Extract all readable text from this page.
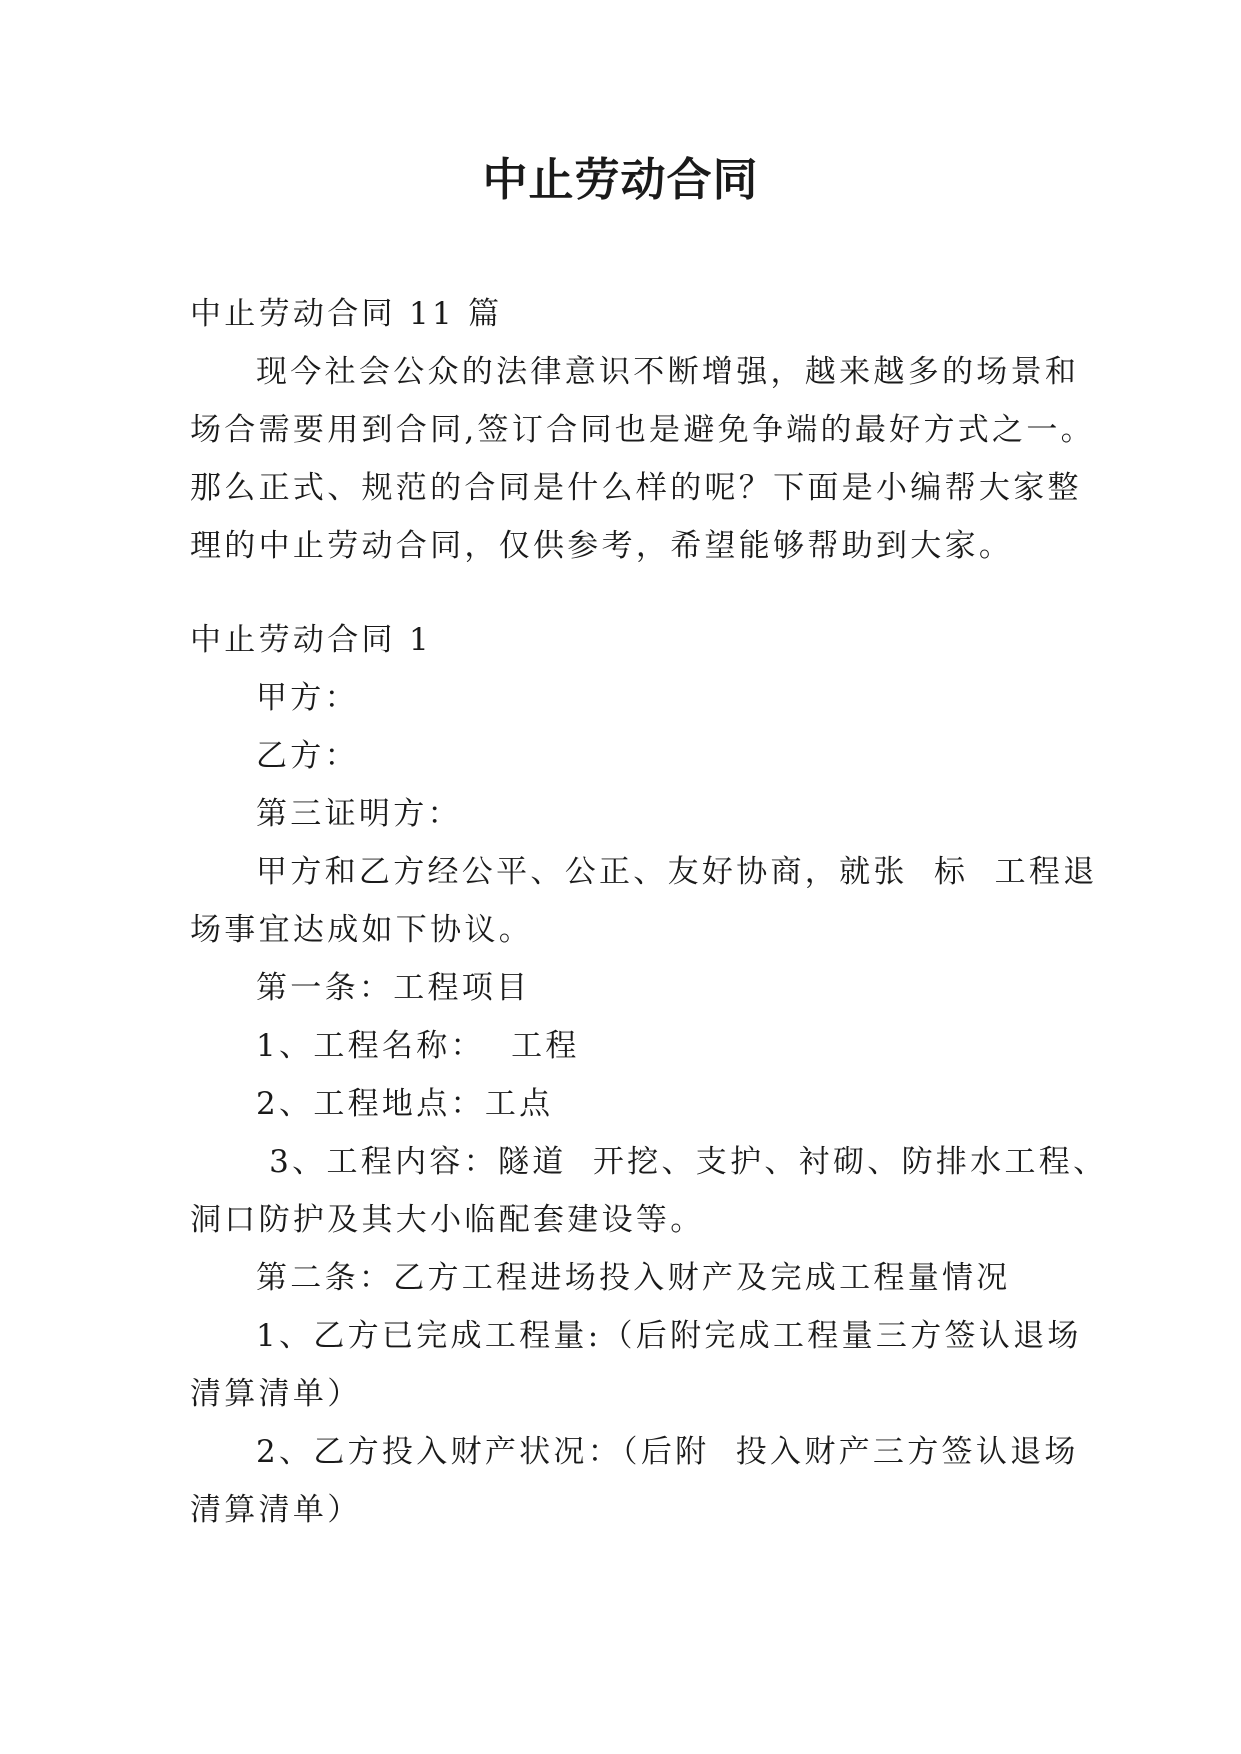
中止劳动合同
中止劳动合同 11 篇
现今社会公众的法律意识不断增强，越来越多的场景和
场合需要用到合同,签订合同也是避免争端的最好方式之一。
那么正式、规范的合同是什么样的呢？下面是小编帮大家整
理的中止劳动合同，仅供参考，希望能够帮助到大家。
中止劳动合同 1
甲方：
乙方：
第三证明方：
甲方和乙方经公平、公正、友好协商，就张  标  工程退
场事宜达成如下协议。
第一条：工程项目
1、工程名称：  工程
2、工程地点：工点
3、工程内容：隧道  开挖、支护、衬砌、防排水工程、
洞口防护及其大小临配套建设等。
第二条：乙方工程进场投入财产及完成工程量情况
1、乙方已完成工程量:（后附完成工程量三方签认退场
清算清单）
2、乙方投入财产状况：（后附  投入财产三方签认退场
清算清单）
